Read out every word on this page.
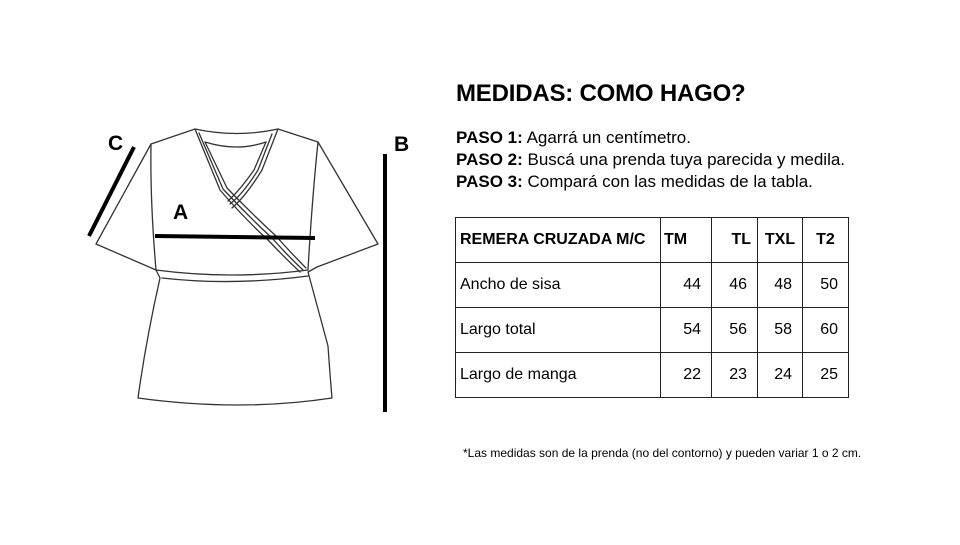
C
A
B
MEDIDAS: COMO HAGO?
PASO 1: Agarrá un centímetro.
PASO 2: Buscá una prenda tuya parecida y medila.
PASO 3: Compará con las medidas de la tabla.
REMERA CRUZADA M/C	TM	TL	TXL	T2
Ancho de sisa	44	46	48	50
Largo total	54	56	58	60
Largo de manga	22	23	24	25
*Las medidas son de la prenda (no del contorno) y pueden variar 1 o 2 cm.
